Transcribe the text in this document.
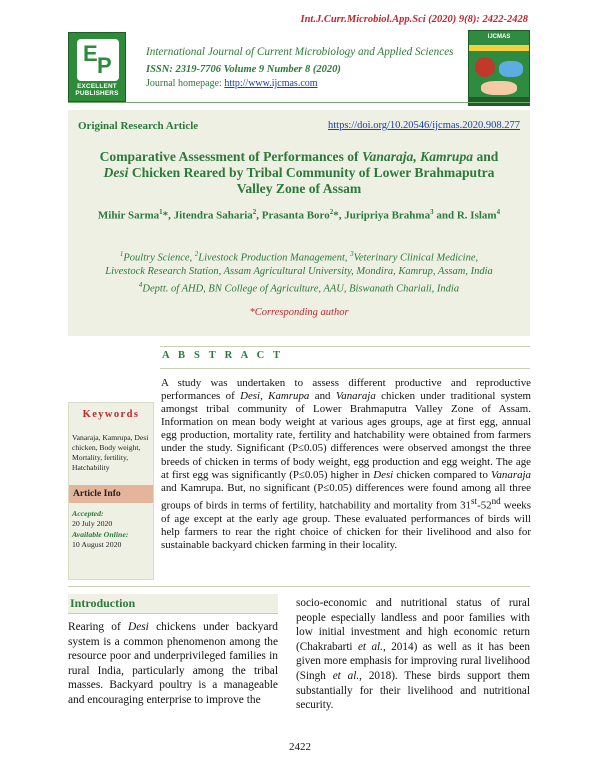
Int.J.Curr.Microbiol.App.Sci (2020) 9(8): 2422-2428
E P
EXCELLENT
PUBLISHERS
International Journal of Current Microbiology and Applied Sciences
ISSN: 2319-7706 Volume 9 Number 8 (2020)
Journal homepage: http://www.ijcmas.com
IJCMAS
Original Research Article	https://doi.org/10.20546/ijcmas.2020.908.277
Comparative Assessment of Performances of Vanaraja, Kamrupa and Desi Chicken Reared by Tribal Community of Lower Brahmaputra Valley Zone of Assam
Mihir Sarma$^1$*, Jitendra Saharia$^2$, Prasanta Boro$^2$*, Juripriya Brahma$^3$ and R. Islam$^4$
$^1$Poultry Science, $^2$Livestock Production Management, $^3$Veterinary Clinical Medicine,
Livestock Research Station, Assam Agricultural University, Mondira, Kamrup, Assam, India
$^4$Deptt. of AHD, BN College of Agriculture, AAU, Biswanath Chariali, India
*Corresponding author
A B S T R A C T
Keywords
Vanaraja, Kamrupa, Desi chicken, Body weight, Mortality, fertility, Hatchability
Article Info
Accepted:
20 July 2020
Available Online:
10 August 2020
A study was undertaken to assess different productive and reproductive performances of Desi, Kamrupa and Vanaraja chicken under traditional system amongst tribal community of Lower Brahmaputra Valley Zone of Assam. Information on mean body weight at various ages groups, age at first egg, annual egg production, mortality rate, fertility and hatchability were obtained from farmers under the study. Significant (P≤0.05) differences were observed amongst the three breeds of chicken in terms of body weight, egg production and egg weight. The age at first egg was significantly (P≤0.05) higher in Desi chicken compared to Vanaraja and Kamrupa. But, no significant (P≤0.05) differences were found among all three groups of birds in terms of fertility, hatchability and mortality from 31st-52nd weeks of age except at the early age group. These evaluated performances of birds will help farmers to rear the right choice of chicken for their livelihood and also for sustainable backyard chicken farming in their locality.
Introduction
Rearing of Desi chickens under backyard system is a common phenomenon among the resource poor and underprivileged families in rural India, particularly among the tribal masses. Backyard poultry is a manageable and encouraging enterprise to improve the
socio-economic and nutritional status of rural people especially landless and poor families with low initial investment and high economic return (Chakrabarti et al., 2014) as well as it has been given more emphasis for improving rural livelihood (Singh et al., 2018). These birds support them substantially for their livelihood and nutritional security.
2422
